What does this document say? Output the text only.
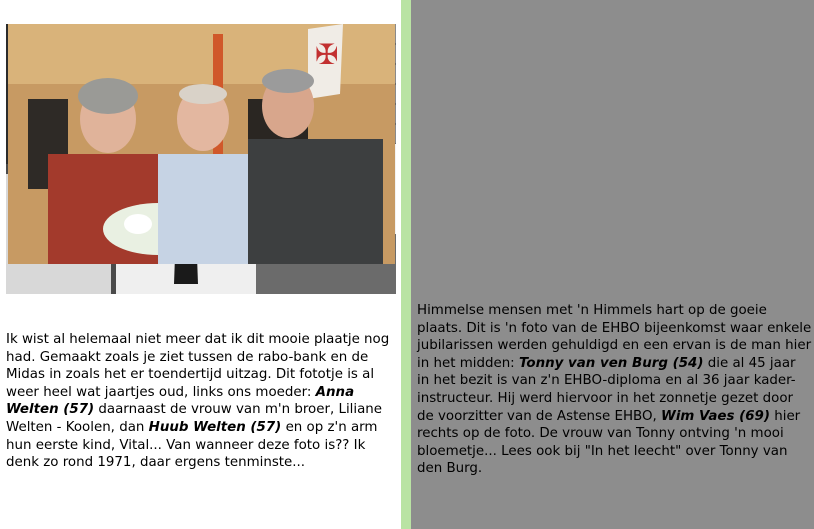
✠

Ik wist al helemaal niet meer dat ik dit mooie plaatje nog had. Gemaakt zoals je ziet tussen de rabo-bank en de Midas in zoals het er toendertijd uitzag. Dit fototje is al weer heel wat jaartjes oud, links ons moeder: Anna Welten (57) daarnaast de vrouw van m'n broer, Liliane Welten - Koolen, dan Huub Welten (57) en op z'n arm hun eerste kind, Vital... Van wanneer deze foto is?? Ik denk zo rond 1971, daar ergens tenminste...

Himmelse mensen met 'n Himmels hart op de goeie plaats. Dit is 'n foto van de EHBO bijeenkomst waar enkele jubilarissen werden gehuldigd en een ervan is de man hier in het midden: Tonny van ven Burg (54) die al 45 jaar in het bezit is van z'n EHBO-diploma en al 36 jaar kader-instructeur. Hij werd hiervoor in het zonnetje gezet door de voorzitter van de Astense EHBO, Wim Vaes (69) hier rechts op de foto. De vrouw van Tonny ontving 'n mooi bloemetje... Lees ook bij "In het leecht" over Tonny van den Burg.
